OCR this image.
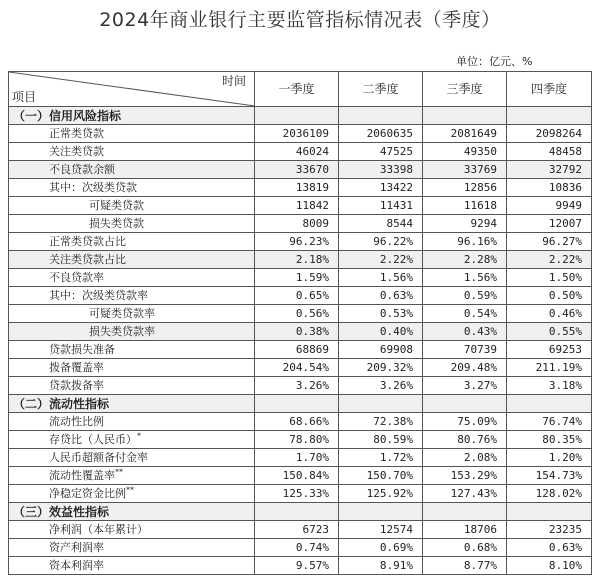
2024年商业银行主要监管指标情况表（季度）
单位：亿元、%
时间
项目	一季度	二季度	三季度	四季度
（一）信用风险指标				
正常类贷款	2036109	2060635	2081649	2098264
关注类贷款	46024	47525	49350	48458
不良贷款余额	33670	33398	33769	32792
其中：次级类贷款	13819	13422	12856	10836
可疑类贷款	11842	11431	11618	9949
损失类贷款	8009	8544	9294	12007
正常类贷款占比	96.23%	96.22%	96.16%	96.27%
关注类贷款占比	2.18%	2.22%	2.28%	2.22%
不良贷款率	1.59%	1.56%	1.56%	1.50%
其中：次级类贷款率	0.65%	0.63%	0.59%	0.50%
可疑类贷款率	0.56%	0.53%	0.54%	0.46%
损失类贷款率	0.38%	0.40%	0.43%	0.55%
贷款损失准备	68869	69908	70739	69253
拨备覆盖率	204.54%	209.32%	209.48%	211.19%
贷款拨备率	3.26%	3.26%	3.27%	3.18%
（二）流动性指标				
流动性比例	68.66%	72.38%	75.09%	76.74%
存贷比（人民币）*	78.80%	80.59%	80.76%	80.35%
人民币超额备付金率	1.70%	1.72%	2.08%	1.20%
流动性覆盖率**	150.84%	150.70%	153.29%	154.73%
净稳定资金比例**	125.33%	125.92%	127.43%	128.02%
（三）效益性指标				
净利润（本年累计）	6723	12574	18706	23235
资产利润率	0.74%	0.69%	0.68%	0.63%
资本利润率	9.57%	8.91%	8.77%	8.10%
